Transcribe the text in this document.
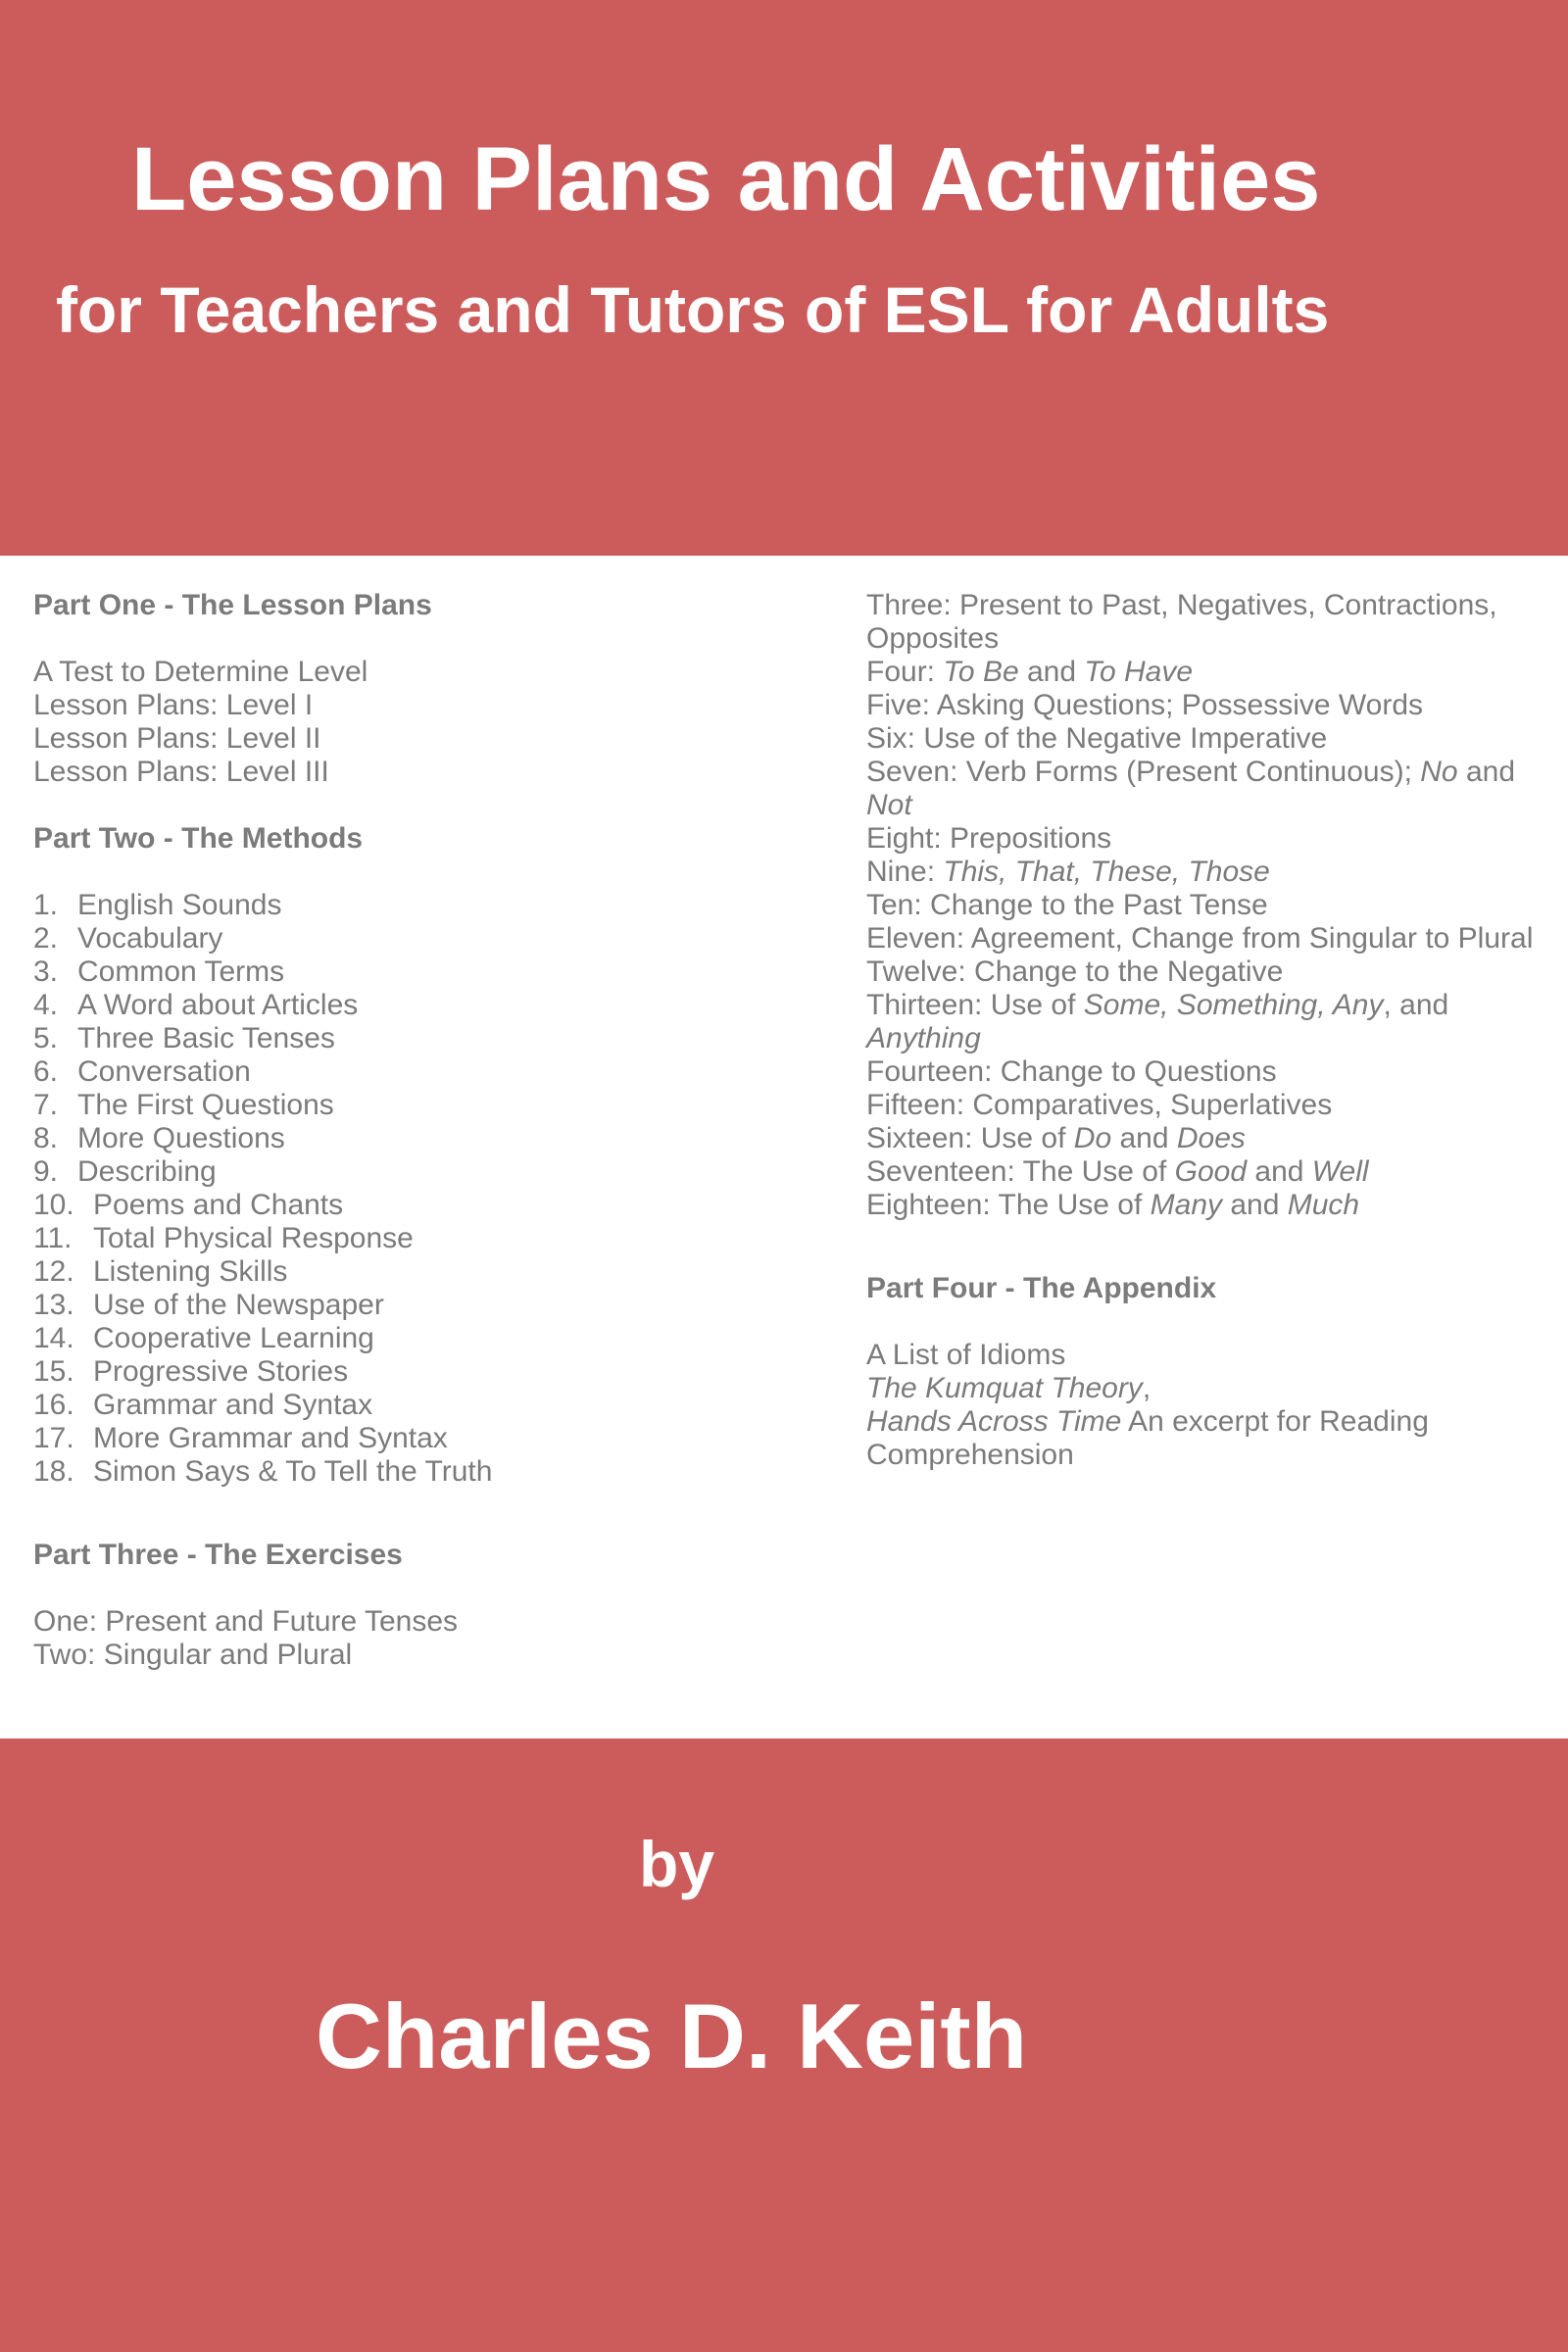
Lesson Plans and Activities
for Teachers and Tutors of ESL for Adults
Part One - The Lesson Plans
A Test to Determine Level
Lesson Plans: Level I
Lesson Plans: Level II
Lesson Plans: Level III
Part Two - The Methods
1. English Sounds
2. Vocabulary
3. Common Terms
4. A Word about Articles
5. Three Basic Tenses
6. Conversation
7. The First Questions
8. More Questions
9. Describing
10. Poems and Chants
11. Total Physical Response
12. Listening Skills
13. Use of the Newspaper
14. Cooperative Learning
15. Progressive Stories
16. Grammar and Syntax
17. More Grammar and Syntax
18. Simon Says & To Tell the Truth
Part Three - The Exercises
One: Present and Future Tenses
Two: Singular and Plural
Three: Present to Past, Negatives, Contractions, Opposites
Four: To Be and To Have
Five: Asking Questions; Possessive Words
Six: Use of the Negative Imperative
Seven: Verb Forms (Present Continuous); No and Not
Eight: Prepositions
Nine: This, That, These, Those
Ten: Change to the Past Tense
Eleven: Agreement, Change from Singular to Plural
Twelve: Change to the Negative
Thirteen: Use of Some, Something, Any, and Anything
Fourteen: Change to Questions
Fifteen: Comparatives, Superlatives
Sixteen: Use of Do and Does
Seventeen: The Use of Good and Well
Eighteen: The Use of Many and Much
Part Four - The Appendix
A List of Idioms
The Kumquat Theory,
Hands Across Time An excerpt for Reading Comprehension
by
Charles D. Keith
